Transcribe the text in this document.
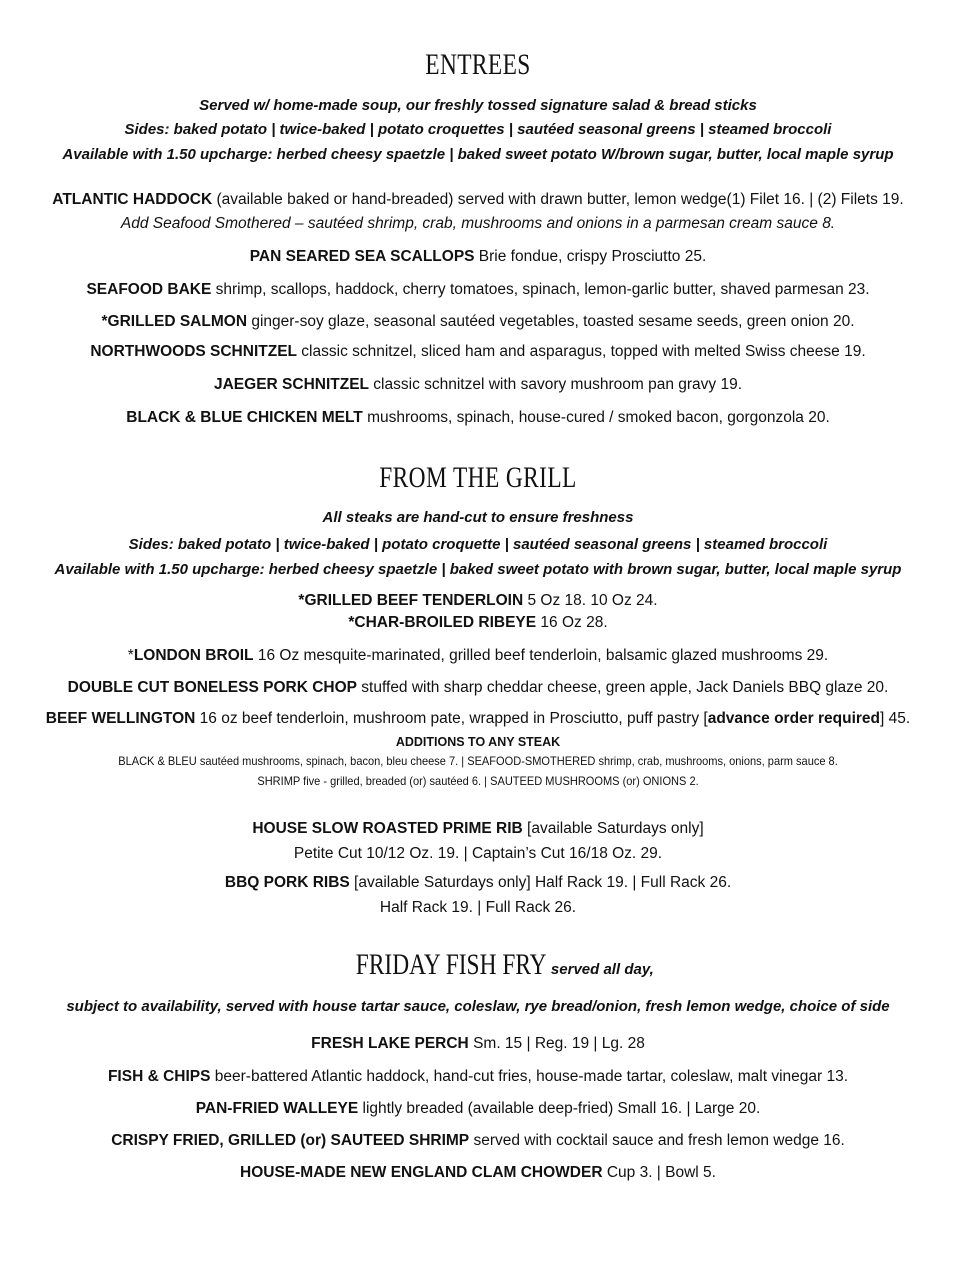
ENTREES
Served w/ home-made soup, our freshly tossed signature salad & bread sticks
Sides: baked potato | twice-baked | potato croquettes | sautéed seasonal greens | steamed broccoli
Available with 1.50 upcharge: herbed cheesy spaetzle | baked sweet potato W/brown sugar, butter, local maple syrup
ATLANTIC HADDOCK (available baked or hand-breaded) served with drawn butter, lemon wedge(1) Filet 16. | (2) Filets 19.
Add Seafood Smothered – sautéed shrimp, crab, mushrooms and onions in a parmesan cream sauce 8.
PAN SEARED SEA SCALLOPS Brie fondue, crispy Prosciutto 25.
SEAFOOD BAKE shrimp, scallops, haddock, cherry tomatoes, spinach, lemon-garlic butter, shaved parmesan 23.
*GRILLED SALMON ginger-soy glaze, seasonal sautéed vegetables, toasted sesame seeds, green onion 20.
NORTHWOODS SCHNITZEL classic schnitzel, sliced ham and asparagus, topped with melted Swiss cheese 19.
JAEGER SCHNITZEL classic schnitzel with savory mushroom pan gravy 19.
BLACK & BLUE CHICKEN MELT mushrooms, spinach, house-cured / smoked bacon, gorgonzola 20.
FROM THE GRILL
All steaks are hand-cut to ensure freshness
Sides: baked potato | twice-baked | potato croquette | sautéed seasonal greens | steamed broccoli
Available with 1.50 upcharge: herbed cheesy spaetzle | baked sweet potato with brown sugar, butter, local maple syrup
*GRILLED BEEF TENDERLOIN 5 Oz 18. 10 Oz 24.
*CHAR-BROILED RIBEYE 16 Oz 28.
*LONDON BROIL 16 Oz mesquite-marinated, grilled beef tenderloin, balsamic glazed mushrooms 29.
DOUBLE CUT BONELESS PORK CHOP stuffed with sharp cheddar cheese, green apple, Jack Daniels BBQ glaze 20.
BEEF WELLINGTON 16 oz beef tenderloin, mushroom pate, wrapped in Prosciutto, puff pastry [advance order required] 45.
ADDITIONS TO ANY STEAK
BLACK & BLEU sautéed mushrooms, spinach, bacon, bleu cheese 7. | SEAFOOD-SMOTHERED shrimp, crab, mushrooms, onions, parm sauce 8.
SHRIMP five - grilled, breaded (or) sautéed 6. | SAUTEED MUSHROOMS (or) ONIONS 2.
HOUSE SLOW ROASTED PRIME RIB [available Saturdays only]
Petite Cut 10/12 Oz. 19. | Captain’s Cut 16/18 Oz. 29.
BBQ PORK RIBS [available Saturdays only] Half Rack 19. | Full Rack 26.
Half Rack 19. | Full Rack 26.
FRIDAY FISH FRY served all day,
subject to availability, served with house tartar sauce, coleslaw, rye bread/onion, fresh lemon wedge, choice of side
FRESH LAKE PERCH Sm. 15 | Reg. 19 | Lg. 28
FISH & CHIPS beer-battered Atlantic haddock, hand-cut fries, house-made tartar, coleslaw, malt vinegar 13.
PAN-FRIED WALLEYE lightly breaded (available deep-fried) Small 16. | Large 20.
CRISPY FRIED, GRILLED (or) SAUTEED SHRIMP served with cocktail sauce and fresh lemon wedge 16.
HOUSE-MADE NEW ENGLAND CLAM CHOWDER Cup 3. | Bowl 5.
